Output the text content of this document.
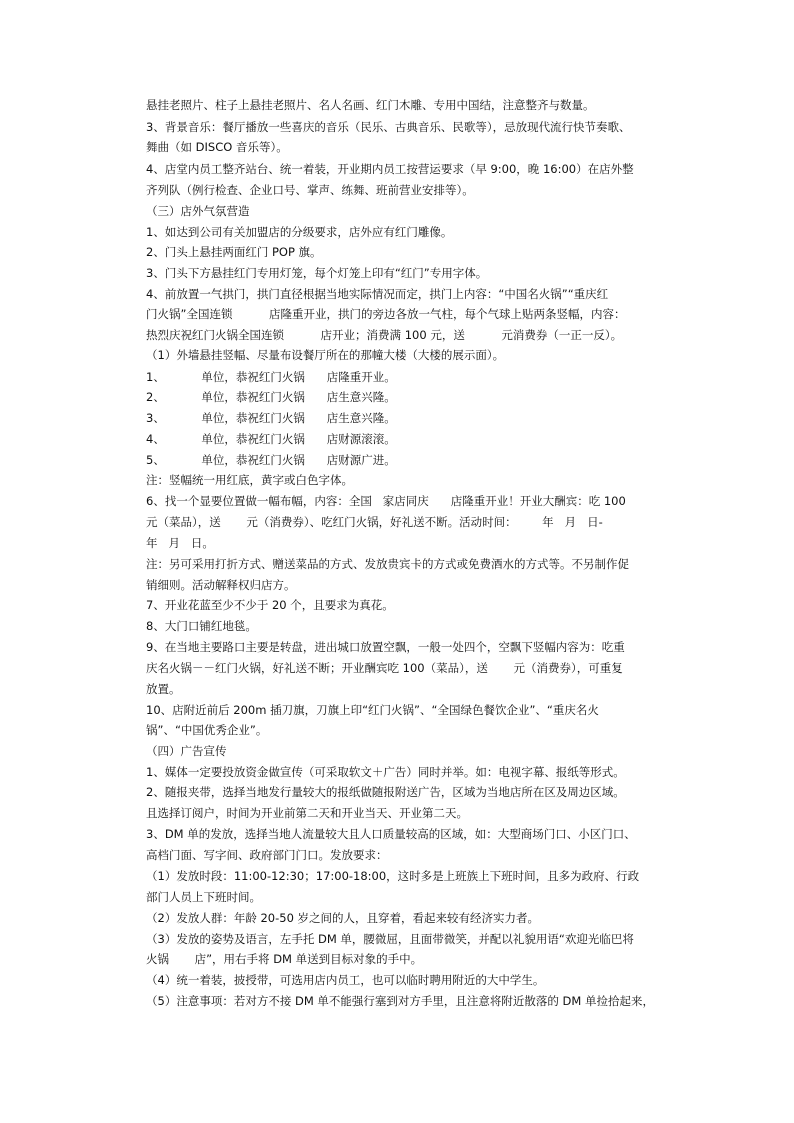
悬挂老照片、柱子上悬挂老照片、名人名画、红门木雕、专用中国结，注意整齐与数量。
3、背景音乐：餐厅播放一些喜庆的音乐（民乐、古典音乐、民歌等），忌放现代流行快节奏歌、
舞曲（如 DISCO 音乐等）。
4、店堂内员工整齐站台、统一着装，开业期内员工按营运要求（早 9:00，晚 16:00）在店外整
齐列队（例行检查、企业口号、掌声、练舞、班前营业安排等）。
（三）店外气氛营造
1、如达到公司有关加盟店的分级要求，店外应有红门雕像。
2、门头上悬挂两面红门 POP 旗。
3、门头下方悬挂红门专用灯笼，每个灯笼上印有“红门”专用字体。
4、前放置一气拱门，拱门直径根据当地实际情况而定，拱门上内容：“中国名火锅”“重庆红
门火锅”全国连锁          店隆重开业，拱门的旁边各放一气柱，每个气球上贴两条竖幅，内容：
热烈庆祝红门火锅全国连锁          店开业；消费满 100 元，送          元消费券（一正一反）。
（1）外墙悬挂竖幅、尽量布设餐厅所在的那幢大楼（大楼的展示面）。
1、          单位，恭祝红门火锅      店隆重开业。
2、          单位，恭祝红门火锅      店生意兴隆。
3、          单位，恭祝红门火锅      店生意兴隆。
4、          单位，恭祝红门火锅      店财源滚滚。
5、          单位，恭祝红门火锅      店财源广进。
注：竖幅统一用红底，黄字或白色字体。
6、找一个显要位置做一幅布幅，内容：全国   家店同庆      店隆重开业！开业大酬宾：吃 100
元（菜品），送       元（消费券）、吃红门火锅，好礼送不断。活动时间：       年   月   日-
年   月   日。
注：另可采用打折方式、赠送菜品的方式、发放贵宾卡的方式或免费酒水的方式等。不另制作促
销细则。活动解释权归店方。
7、开业花蓝至少不少于 20 个，且要求为真花。
8、大门口铺红地毯。
9、在当地主要路口主要是转盘，进出城口放置空飘，一般一处四个，空飘下竖幅内容为：吃重
庆名火锅－－红门火锅，好礼送不断；开业酬宾吃 100（菜品），送       元（消费券），可重复
放置。
10、店附近前后 200m 插刀旗，刀旗上印“红门火锅”、“全国绿色餐饮企业”、“重庆名火
锅”、“中国优秀企业”。
（四）广告宣传
1、媒体一定要投放资金做宣传（可采取软文＋广告）同时并举。如：电视字幕、报纸等形式。
2、随报夹带，选择当地发行量较大的报纸做随报附送广告，区域为当地店所在区及周边区域。
且选择订阅户，时间为开业前第二天和开业当天、开业第二天。
3、DM 单的发放，选择当地人流量较大且人口质量较高的区域，如：大型商场门口、小区门口、
高档门面、写字间、政府部门门口。发放要求：
（1）发放时段：11:00-12:30；17:00-18:00，这时多是上班族上下班时间，且多为政府、行政
部门人员上下班时间。
（2）发放人群：年龄 20-50 岁之间的人，且穿着，看起来较有经济实力者。
（3）发放的姿势及语言，左手托 DM 单，腰微屈，且面带微笑，并配以礼貌用语“欢迎光临巴将
火锅       店”，用右手将 DM 单送到目标对象的手中。
（4）统一着装，披授带，可选用店内员工，也可以临时聘用附近的大中学生。
（5）注意事项：若对方不接 DM 单不能强行塞到对方手里，且注意将附近散落的 DM 单捡拾起来，
